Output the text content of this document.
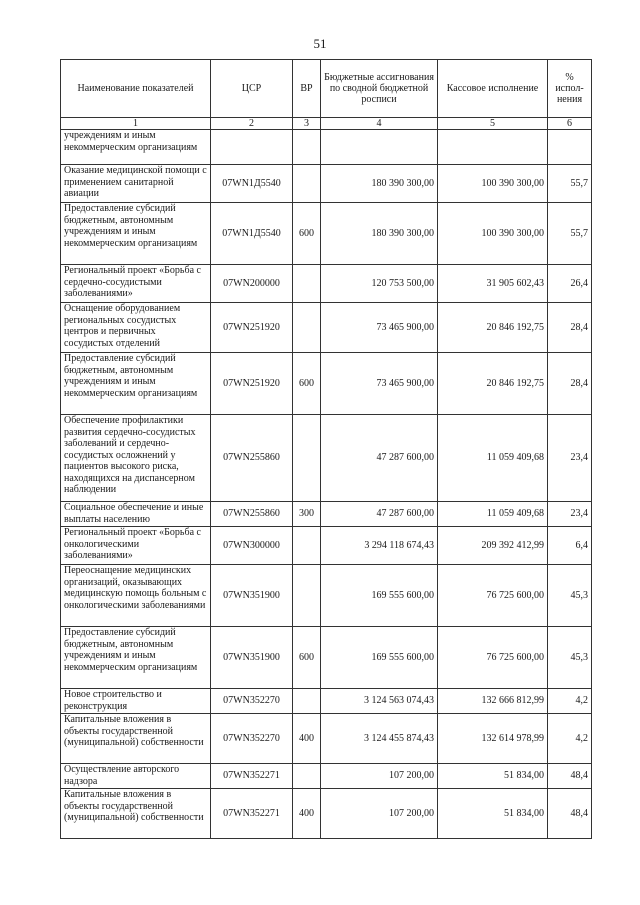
51
Наименование показателей	ЦСР	ВР	Бюджетные ассигнования по сводной бюджетной росписи	Кассовое исполнение	% испол-нения
1	2	3	4	5	6
учреждениям и иным некоммерческим организациям					
Оказание медицинской помощи с применением санитарной авиации	07WN1Д5540		180 390 300,00	100 390 300,00	55,7
Предоставление субсидий бюджетным, автономным учреждениям и иным некоммерческим организациям	07WN1Д5540	600	180 390 300,00	100 390 300,00	55,7
Региональный проект «Борьба с сердечно-сосудистыми заболеваниями»	07WN200000		120 753 500,00	31 905 602,43	26,4
Оснащение оборудованием региональных сосудистых центров и первичных сосудистых отделений	07WN251920		73 465 900,00	20 846 192,75	28,4
Предоставление субсидий бюджетным, автономным учреждениям и иным некоммерческим организациям	07WN251920	600	73 465 900,00	20 846 192,75	28,4
Обеспечение профилактики развития сердечно-сосудистых заболеваний и сердечно-сосудистых осложнений у пациентов высокого риска, находящихся на диспансерном наблюдении	07WN255860		47 287 600,00	11 059 409,68	23,4
Социальное обеспечение и иные выплаты населению	07WN255860	300	47 287 600,00	11 059 409,68	23,4
Региональный проект «Борьба с онкологическими заболеваниями»	07WN300000		3 294 118 674,43	209 392 412,99	6,4
Переоснащение медицинских организаций, оказывающих медицинскую помощь больным с онкологическими заболеваниями	07WN351900		169 555 600,00	76 725 600,00	45,3
Предоставление субсидий бюджетным, автономным учреждениям и иным некоммерческим организациям	07WN351900	600	169 555 600,00	76 725 600,00	45,3
Новое строительство и реконструкция	07WN352270		3 124 563 074,43	132 666 812,99	4,2
Капитальные вложения в объекты государственной (муниципальной) собственности	07WN352270	400	3 124 455 874,43	132 614 978,99	4,2
Осуществление авторского надзора	07WN352271		107 200,00	51 834,00	48,4
Капитальные вложения в объекты государственной (муниципальной) собственности	07WN352271	400	107 200,00	51 834,00	48,4
